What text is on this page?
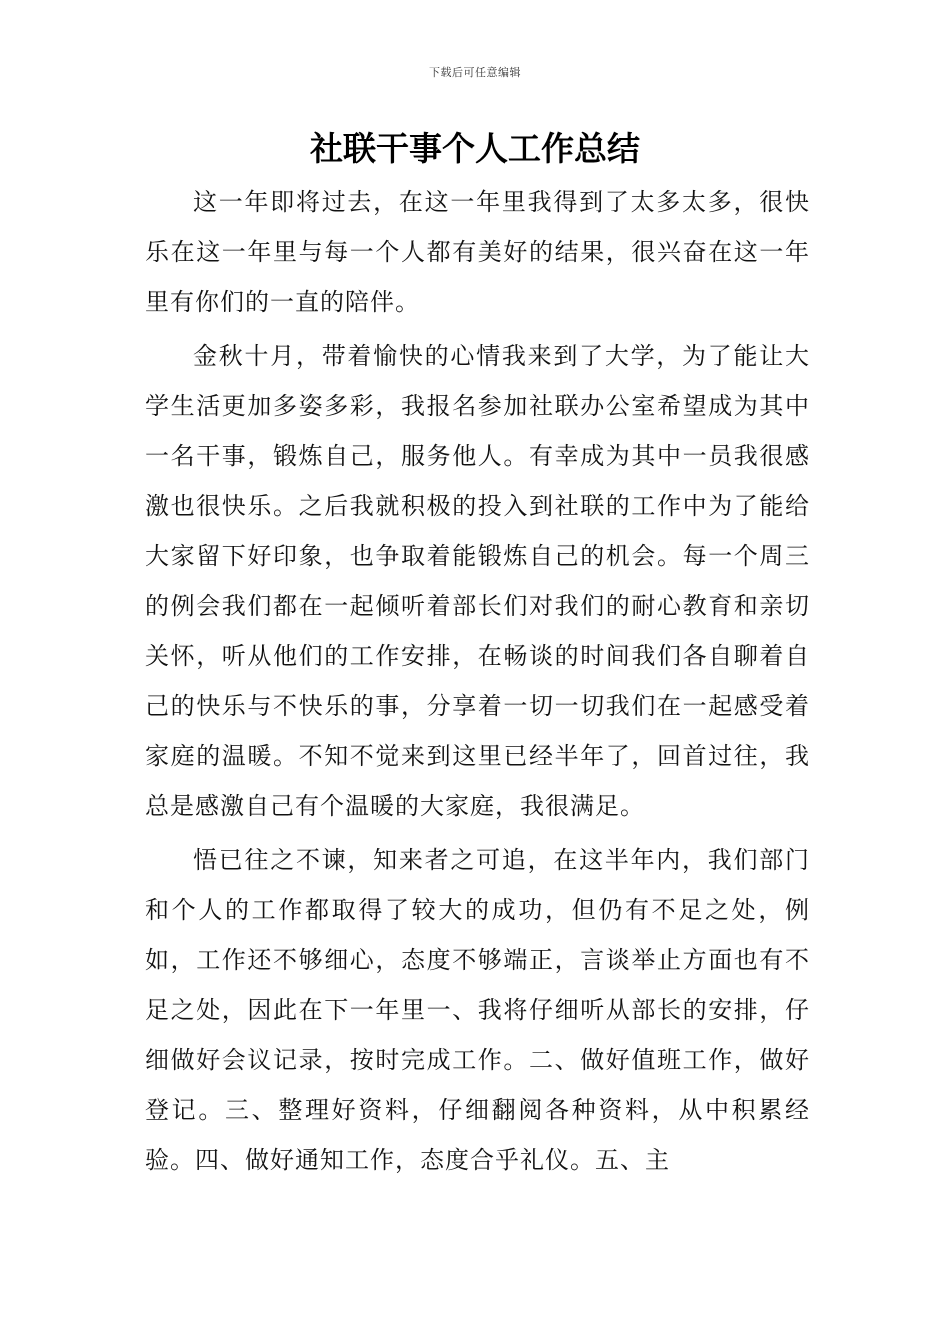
下载后可任意编辑
社联干事个人工作总结

这一年即将过去，在这一年里我得到了太多太多，很快乐在这一年里与每一个人都有美好的结果，很兴奋在这一年里有你们的一直的陪伴。

金秋十月，带着愉快的心情我来到了大学，为了能让大学生活更加多姿多彩，我报名参加社联办公室希望成为其中一名干事，锻炼自己，服务他人。有幸成为其中一员我很感激也很快乐。之后我就积极的投入到社联的工作中为了能给大家留下好印象，也争取着能锻炼自己的机会。每一个周三的例会我们都在一起倾听着部长们对我们的耐心教育和亲切关怀，听从他们的工作安排，在畅谈的时间我们各自聊着自己的快乐与不快乐的事，分享着一切一切我们在一起感受着家庭的温暖。不知不觉来到这里已经半年了，回首过往，我总是感激自己有个温暖的大家庭，我很满足。

悟已往之不谏，知来者之可追，在这半年内，我们部门和个人的工作都取得了较大的成功，但仍有不足之处，例如，工作还不够细心，态度不够端正，言谈举止方面也有不足之处，因此在下一年里一、我将仔细听从部长的安排，仔细做好会议记录，按时完成工作。二、做好值班工作，做好登记。三、整理好资料，仔细翻阅各种资料，从中积累经验。四、做好通知工作，态度合乎礼仪。五、主
